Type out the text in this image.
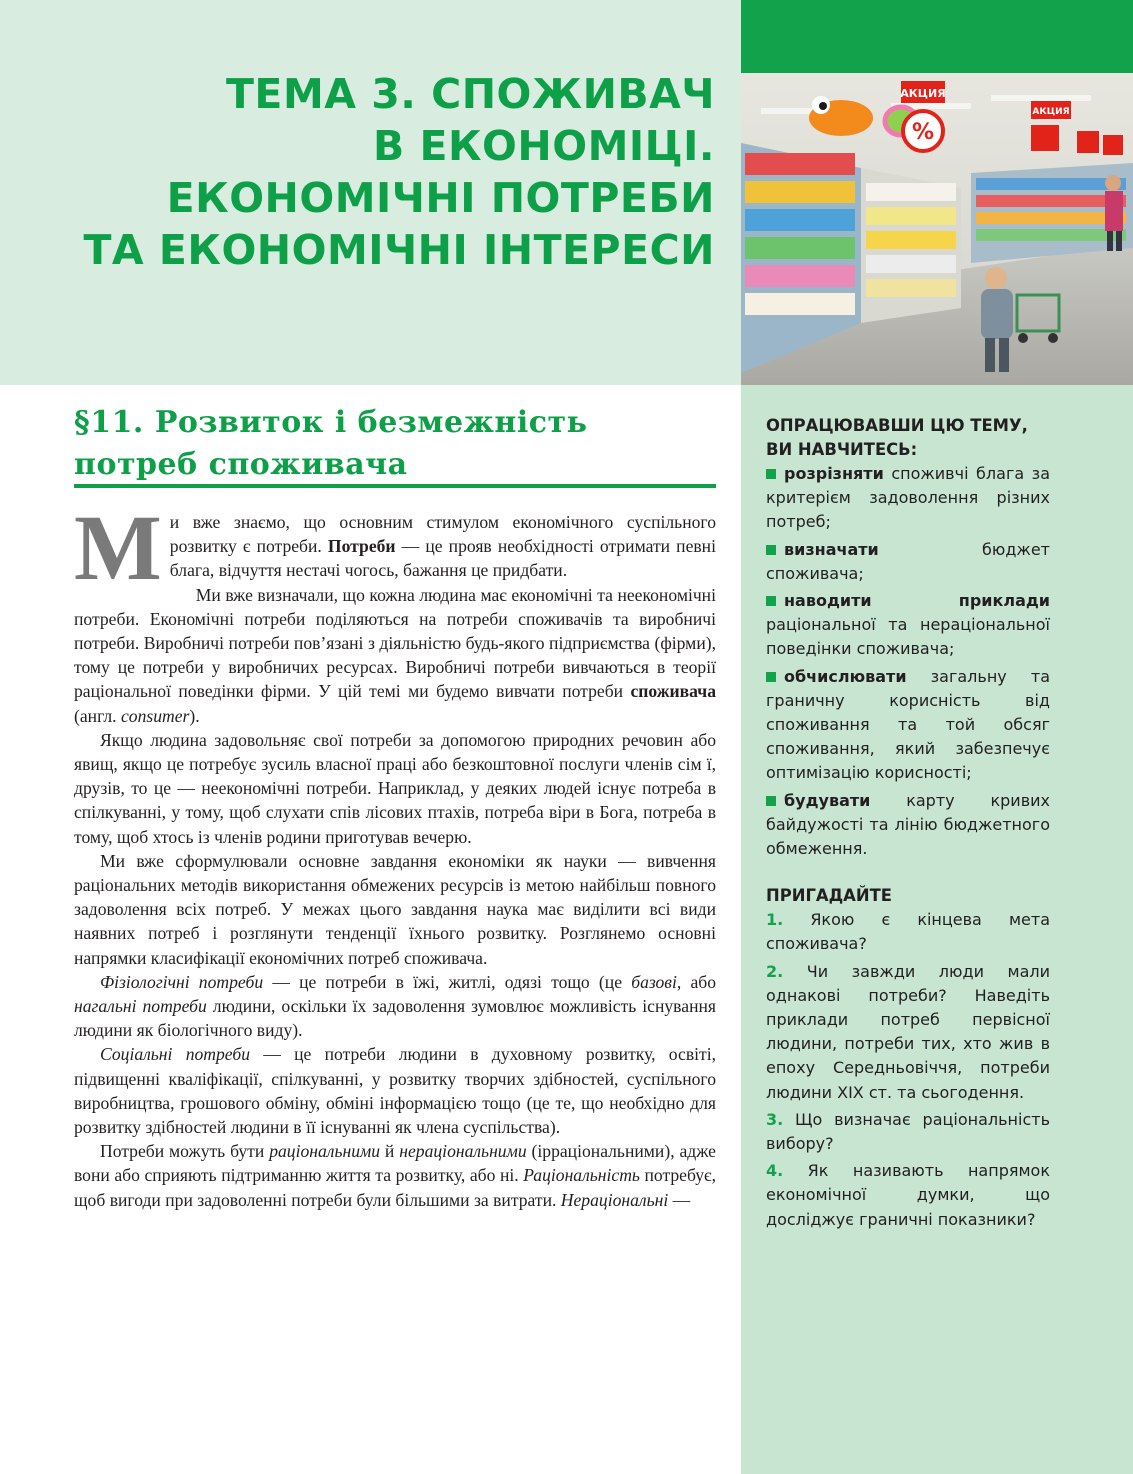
АКЦИЯ
%
АКЦИЯ
ТЕМА 3. СПОЖИВАЧ
В ЕКОНОМІЦІ.
ЕКОНОМІЧНІ ПОТРЕБИ
ТА ЕКОНОМІЧНІ ІНТЕРЕСИ
§11. Розвиток і безмежність
потреб споживача

Ми вже знаємо, що основним стимулом економічного суспільного розвитку є потреби. Потреби — це прояв необхідності отримати певні блага, відчуття нестачі чогось, бажання це придбати.

Ми вже визначали, що кожна людина має економічні та неекономічні потреби. Економічні потреби поділяються на потреби споживачів та виробничі потреби. Виробничі потреби пов’язані з діяльністю будь-якого підприємства (фірми), тому це потреби у виробничих ресурсах. Виробничі потреби вивчаються в теорії раціональної поведінки фірми. У цій темі ми будемо вивчати потреби споживача (англ. consumer).

Якщо людина задовольняє свої потреби за допомогою природних речовин або явищ, якщо це потребує зусиль власної праці або безкоштовної послуги членів сім ї, друзів, то це — неекономічні потреби. Наприклад, у деяких людей існує потреба в спілкуванні, у тому, щоб слухати спів лісових птахів, потреба віри в Бога, потреба в тому, щоб хтось із членів родини приготував вечерю.

Ми вже сформулювали основне завдання економіки як науки — вивчення раціональних методів використання обмежених ресурсів із метою найбільш повного задоволення всіх потреб. У межах цього завдання наука має виділити всі види наявних потреб і розглянути тенденції їхнього розвитку. Розглянемо основні напрямки класифікації економічних потреб споживача.

Фізіологічні потреби — це потреби в їжі, житлі, одязі тощо (це базові, або нагальні потреби людини, оскільки їх задоволення зумовлює можливість існування людини як біологічного виду).

Соціальні потреби — це потреби людини в духовному розвитку, освіті, підвищенні кваліфікації, спілкуванні, у розвитку творчих здібностей, суспільного виробництва, грошового обміну, обміні інформацією тощо (це те, що необхідно для розвитку здібностей людини в її існуванні як члена суспільства).

Потреби можуть бути раціональними й нераціональними (ірраціональними), адже вони або сприяють підтриманню життя та розвитку, або ні. Раціональність потребує, щоб вигоди при задоволенні потреби були більшими за витрати. Нераціональні —

ОПРАЦЮВАВШИ ЦЮ ТЕМУ,
ВИ НАВЧИТЕСЬ:
розрізняти споживчі блага за критерієм задоволення різних потреб;
визначати бюджет споживача;
наводити приклади раціональної та нераціональної поведінки споживача;
обчислювати загальну та граничну корисність від споживання та той обсяг споживання, який забезпечує оптимізацію корисності;
будувати карту кривих байдужості та лінію бюджетного обмеження.
ПРИГАДАЙТЕ
1. Якою є кінцева мета споживача?
2. Чи завжди люди мали однакові потреби? Наведіть приклади потреб первісної людини, потреби тих, хто жив в епоху Середньовіччя, потреби людини XIX ст. та сьогодення.
3. Що визначає раціональність вибору?
4. Як називають напрямок економічної думки, що досліджує граничні показники?
